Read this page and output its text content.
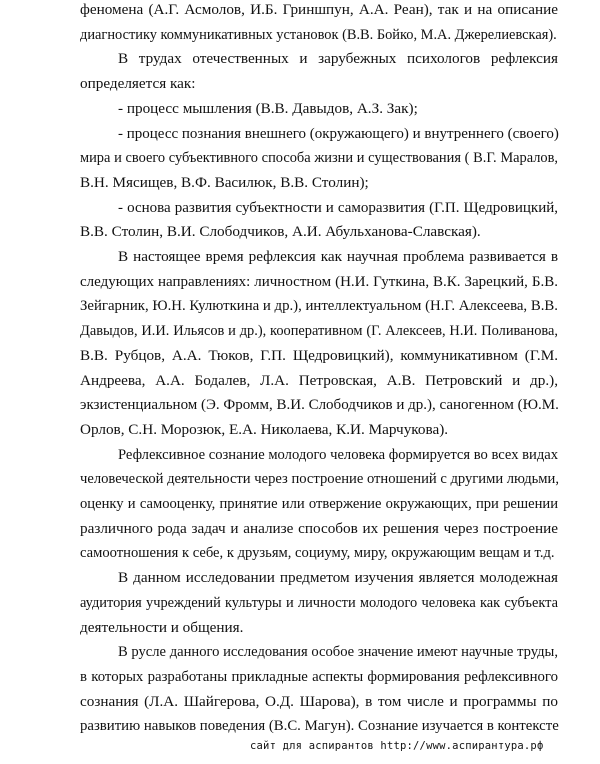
феномена (А.Г. Асмолов, И.Б. Гриншпун, А.А. Реан), так и на описание
диагностику коммуникативных установок (В.В. Бойко, М.А. Джерелиевская).
В трудах отечественных и зарубежных психологов рефлексия
определяется как:
- процесс мышления (В.В. Давыдов, А.З. Зак);
- процесс познания внешнего (окружающего) и внутреннего (своего)
мира и своего субъективного способа жизни и существования ( В.Г. Маралов,
В.Н. Мясищев, В.Ф. Василюк, В.В. Столин);
- основа развития субъектности и саморазвития (Г.П. Щедровицкий,
В.В. Столин, В.И. Слободчиков, А.И. Абульханова-Славская).
В настоящее время рефлексия как научная проблема развивается в
следующих направлениях: личностном (Н.И. Гуткина, В.К. Зарецкий, Б.В.
Зейгарник, Ю.Н. Кулюткина и др.), интеллектуальном (Н.Г. Алексеева, В.В.
Давыдов, И.И. Ильясов и др.), кооперативном (Г. Алексеев, Н.И. Поливанова,
В.В. Рубцов, А.А. Тюков, Г.П. Щедровицкий), коммуникативном (Г.М.
Андреева, А.А. Бодалев, Л.А. Петровская, А.В. Петровский и др.),
экзистенциальном (Э. Фромм, В.И. Слободчиков и др.), саногенном (Ю.М.
Орлов, С.Н. Морозюк, Е.А. Николаева, К.И. Марчукова).
Рефлексивное сознание молодого человека формируется во всех видах
человеческой деятельности через построение отношений с другими людьми,
оценку и самооценку, принятие или отвержение окружающих, при решении
различного рода задач и анализе способов их решения через построение
самоотношения к себе, к друзьям, социуму, миру, окружающим вещам и т.д.
В данном исследовании предметом изучения является молодежная
аудитория учреждений культуры и личности молодого человека как субъекта
деятельности и общения.
В русле данного исследования особое значение имеют научные труды,
в которых разработаны прикладные аспекты формирования рефлексивного
сознания (Л.А. Шайгерова, О.Д. Шарова), в том числе и программы по
развитию навыков поведения (В.С. Магун). Сознание изучается в контексте
сайт для аспирантов http://www.аспирантура.рф
